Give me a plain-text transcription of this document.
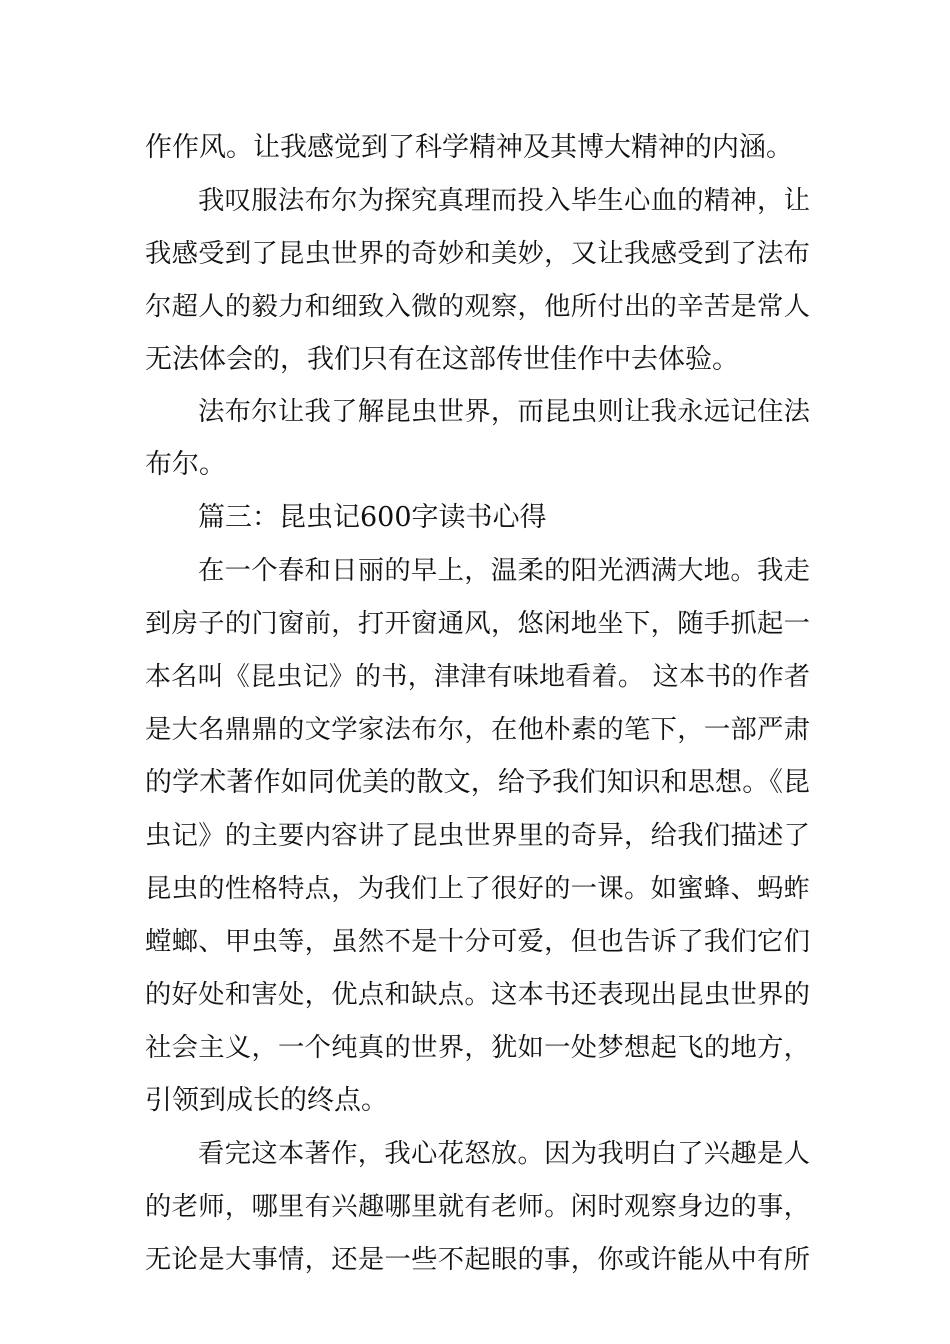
作作风。让我感觉到了科学精神及其博大精神的内涵。

我叹服法布尔为探究真理而投入毕生心血的精神，让

我感受到了昆虫世界的奇妙和美妙，又让我感受到了法布

尔超人的毅力和细致入微的观察，他所付出的辛苦是常人

无法体会的，我们只有在这部传世佳作中去体验。

法布尔让我了解昆虫世界，而昆虫则让我永远记住法

布尔。

篇三：昆虫记600字读书心得

在一个春和日丽的早上，温柔的阳光洒满大地。我走

到房子的门窗前，打开窗通风，悠闲地坐下，随手抓起一

本名叫《昆虫记》的书，津津有味地看着。 这本书的作者

是大名鼎鼎的文学家法布尔，在他朴素的笔下，一部严肃

的学术著作如同优美的散文，给予我们知识和思想。《昆

虫记》的主要内容讲了昆虫世界里的奇异，给我们描述了

昆虫的性格特点，为我们上了很好的一课。如蜜蜂、蚂蚱

螳螂、甲虫等，虽然不是十分可爱，但也告诉了我们它们

的好处和害处，优点和缺点。这本书还表现出昆虫世界的

社会主义，一个纯真的世界，犹如一处梦想起飞的地方，

引领到成长的终点。

看完这本著作，我心花怒放。因为我明白了兴趣是人

的老师，哪里有兴趣哪里就有老师。闲时观察身边的事，

无论是大事情，还是一些不起眼的事，你或许能从中有所
